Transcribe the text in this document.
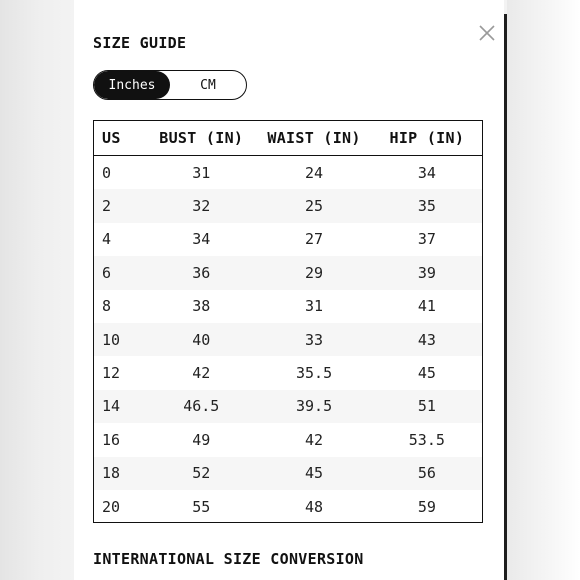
SIZE GUIDE
Inches	CM
US	BUST (IN)	WAIST (IN)	HIP (IN)
0	31	24	34
2	32	25	35
4	34	27	37
6	36	29	39
8	38	31	41
10	40	33	43
12	42	35.5	45
14	46.5	39.5	51
16	49	42	53.5
18	52	45	56
20	55	48	59
INTERNATIONAL SIZE CONVERSION
